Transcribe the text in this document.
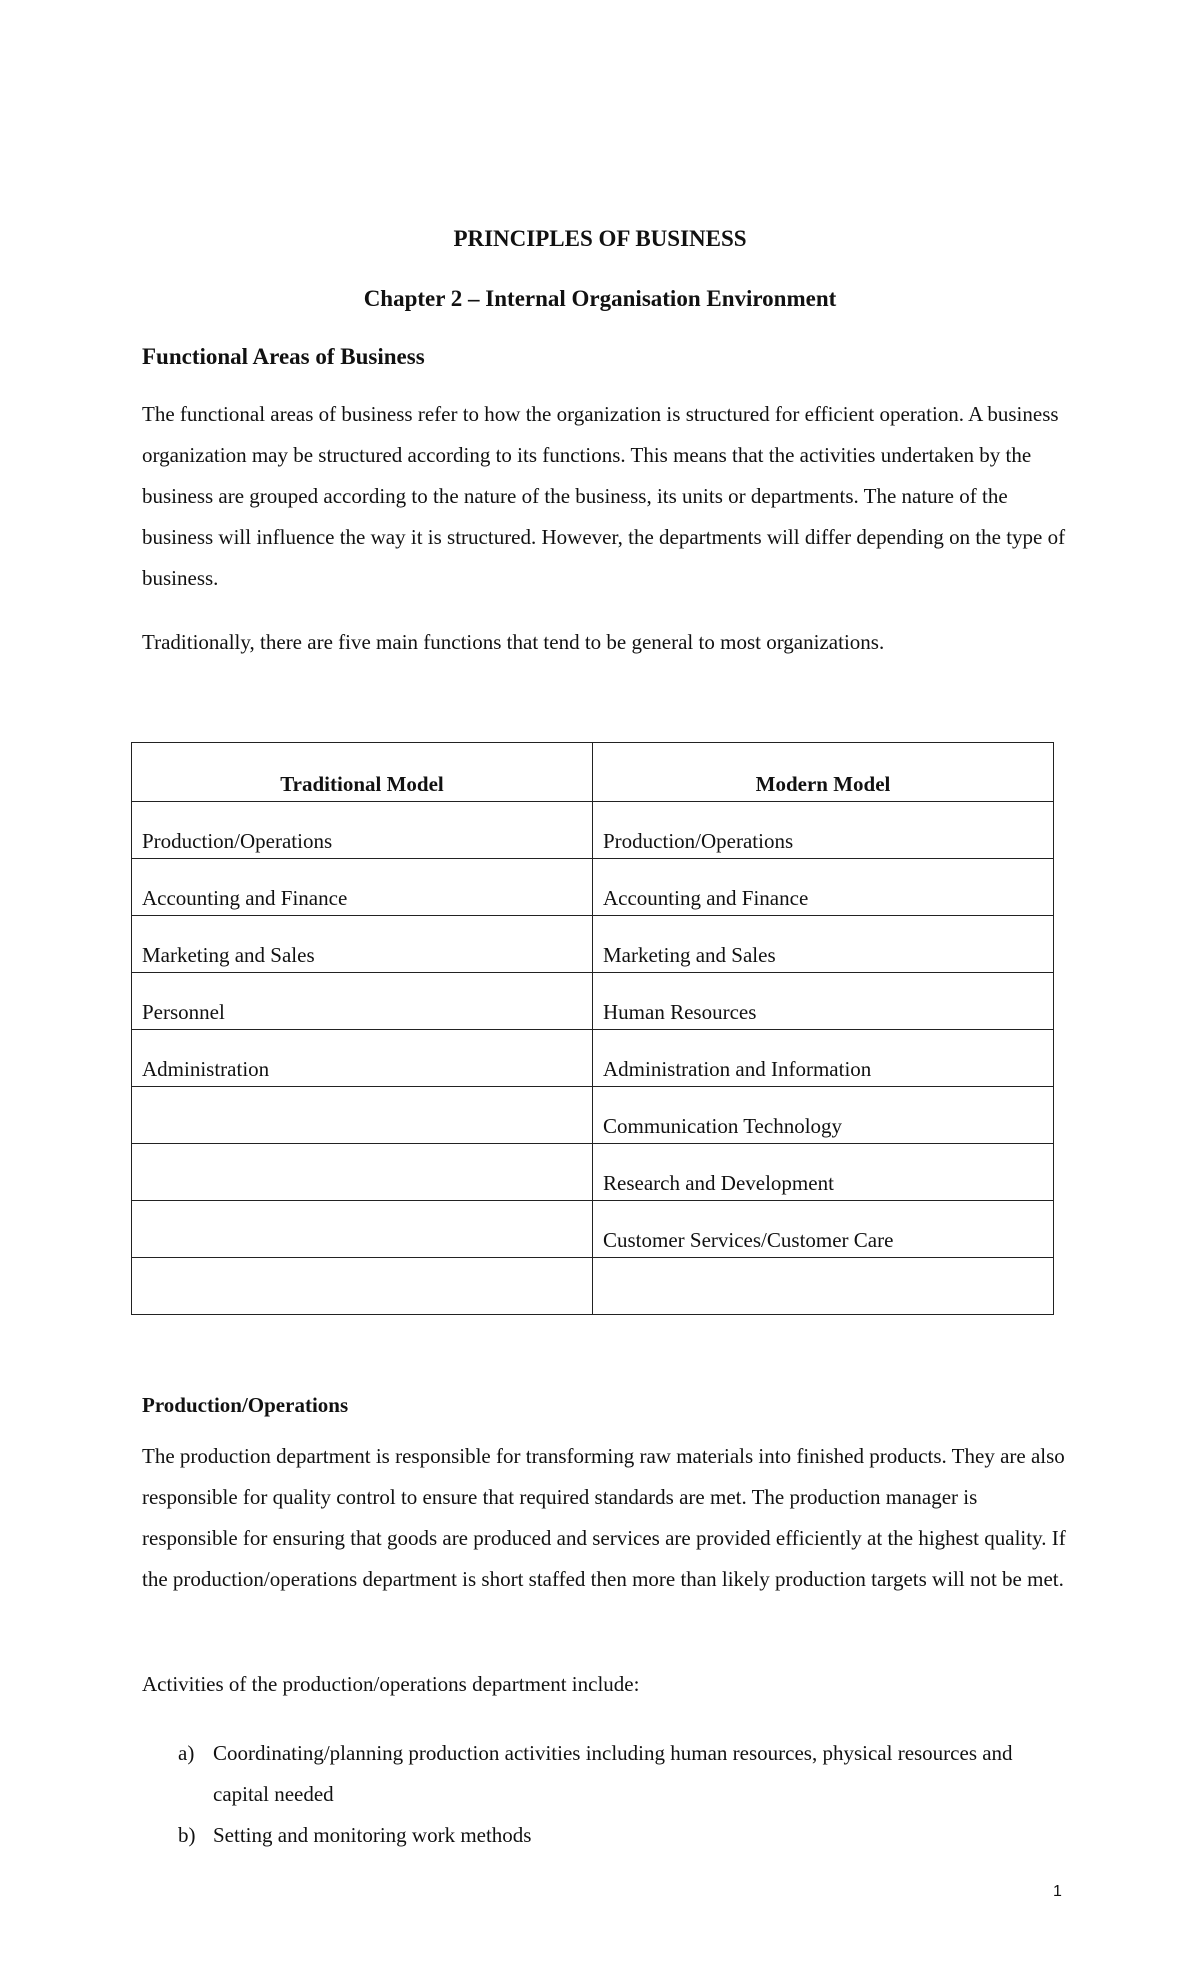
PRINCIPLES OF BUSINESS
Chapter 2 – Internal Organisation Environment
Functional Areas of Business

The functional areas of business refer to how the organization is structured for efficient operation. A business organization may be structured according to its functions. This means that the activities undertaken by the business are grouped according to the nature of the business, its units or departments. The nature of the business will influence the way it is structured. However, the departments will differ depending on the type of business.

Traditionally, there are five main functions that tend to be general to most organizations.

Traditional Model	Modern Model
Production/Operations	Production/Operations
Accounting and Finance	Accounting and Finance
Marketing and Sales	Marketing and Sales
Personnel	Human Resources
Administration	Administration and Information
	Communication Technology
	Research and Development
	Customer Services/Customer Care

Production/Operations

The production department is responsible for transforming raw materials into finished products. They are also responsible for quality control to ensure that required standards are met. The production manager is responsible for ensuring that goods are produced and services are provided efficiently at the highest quality. If the production/operations department is short staffed then more than likely production targets will not be met.

Activities of the production/operations department include:

a) Coordinating/planning production activities including human resources, physical resources and capital needed
b) Setting and monitoring work methods
1
